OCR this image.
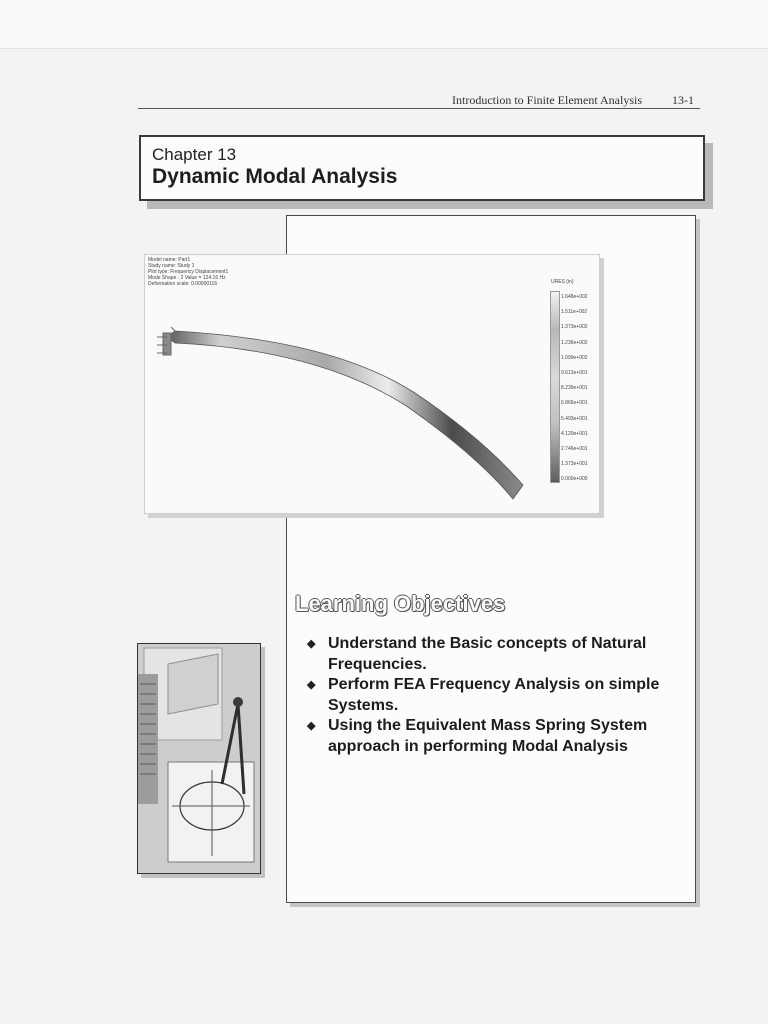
Introduction to Finite Element Analysis	13-1
Chapter 13
Dynamic Modal Analysis
Model name: Part1
Study name: Study 1
Plot type: Frequency Displacement1
Mode Shape : 2 Value = 124.16 Hz
Deformation scale: 0.00000116	URES (in)
1.648e+002
1.511e+002
1.373e+002
1.236e+002
1.099e+002
9.613e+001
8.239e+001
6.866e+001
5.493e+001
4.120e+001
2.746e+001
1.373e+001
0.000e+000
Learning Objectives
◆ Understand the Basic concepts of Natural Frequencies.
◆ Perform FEA Frequency Analysis on simple Systems.
◆ Using the Equivalent Mass Spring System approach in performing Modal Analysis
